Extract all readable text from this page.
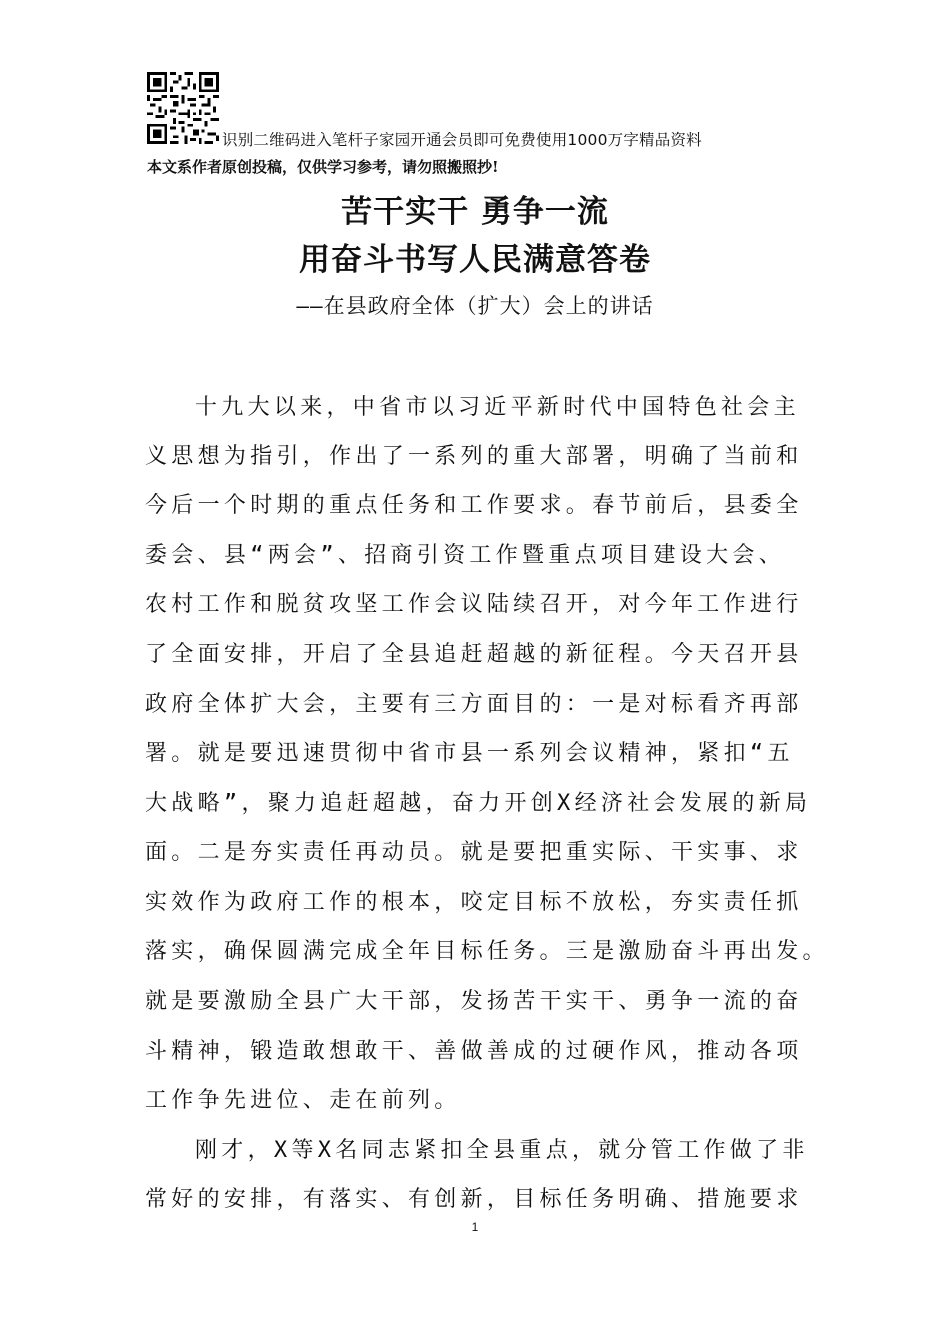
识别二维码进入笔杆子家园开通会员即可免费使用1000万字精品资料
本文系作者原创投稿，仅供学习参考，请勿照搬照抄!
苦干实干 勇争一流
用奋斗书写人民满意答卷
——在县政府全体（扩大）会上的讲话
十九大以来，中省市以习近平新时代中国特色社会主
义思想为指引，作出了一系列的重大部署，明确了当前和
今后一个时期的重点任务和工作要求。春节前后，县委全
委会、县“两会”、招商引资工作暨重点项目建设大会、
农村工作和脱贫攻坚工作会议陆续召开，对今年工作进行
了全面安排，开启了全县追赶超越的新征程。今天召开县
政府全体扩大会，主要有三方面目的：一是对标看齐再部
署。就是要迅速贯彻中省市县一系列会议精神，紧扣“五
大战略”，聚力追赶超越，奋力开创X经济社会发展的新局
面。二是夯实责任再动员。就是要把重实际、干实事、求
实效作为政府工作的根本，咬定目标不放松，夯实责任抓
落实，确保圆满完成全年目标任务。三是激励奋斗再出发。
就是要激励全县广大干部，发扬苦干实干、勇争一流的奋
斗精神，锻造敢想敢干、善做善成的过硬作风，推动各项
工作争先进位、走在前列。
刚才，X等X名同志紧扣全县重点，就分管工作做了非
常好的安排，有落实、有创新，目标任务明确、措施要求
1
